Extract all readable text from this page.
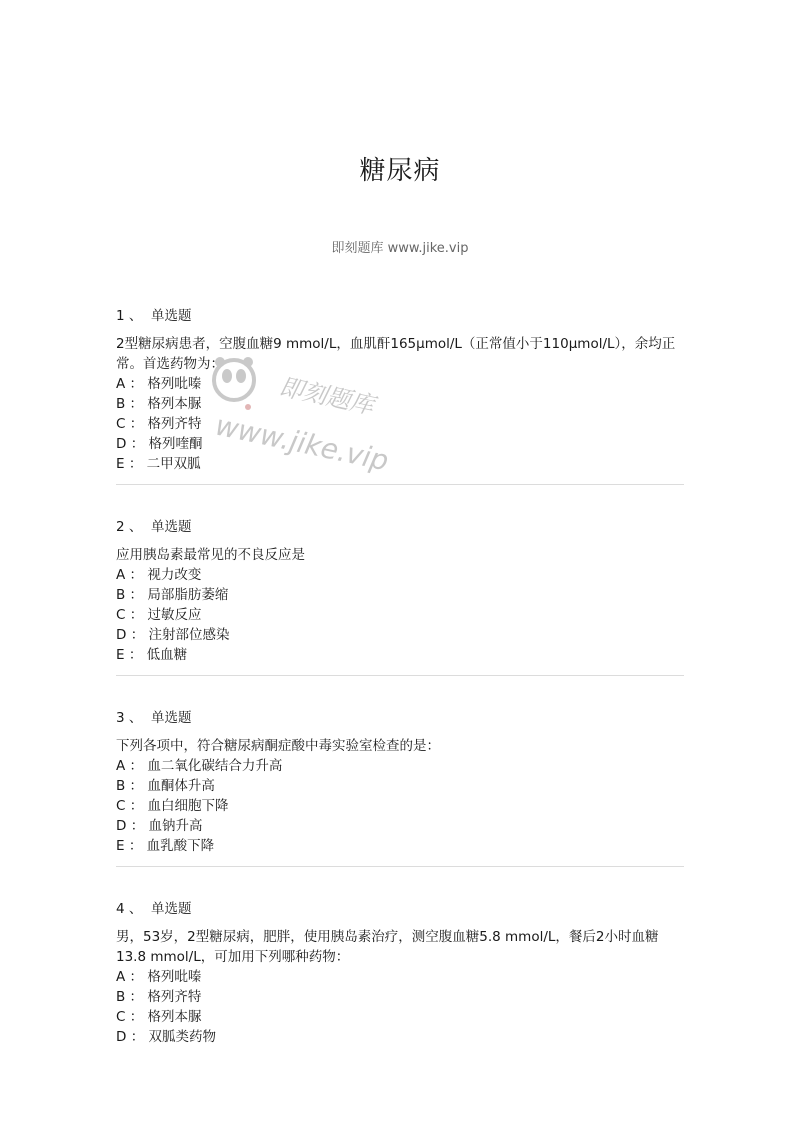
糖尿病

即刻题库 www.jike.vip

1 、 单选题

2型糖尿病患者，空腹血糖9 mmol/L，血肌酐165μmol/L（正常值小于110μmol/L），余均正常。首选药物为：

A ： 格列吡嗪

B ： 格列本脲

C ： 格列齐特

D ： 格列喹酮

E ： 二甲双胍

2 、 单选题

应用胰岛素最常见的不良反应是

A ： 视力改变

B ： 局部脂肪萎缩

C ： 过敏反应

D ： 注射部位感染

E ： 低血糖

3 、 单选题

下列各项中，符合糖尿病酮症酸中毒实验室检查的是：

A ： 血二氧化碳结合力升高

B ： 血酮体升高

C ： 血白细胞下降

D ： 血钠升高

E ： 血乳酸下降

4 、 单选题

男，53岁，2型糖尿病，肥胖，使用胰岛素治疗，测空腹血糖5.8 mmol/L，餐后2小时血糖13.8 mmol/L，可加用下列哪种药物：

A ： 格列吡嗪

B ： 格列齐特

C ： 格列本脲

D ： 双胍类药物

即刻题库
www.jike.vip
